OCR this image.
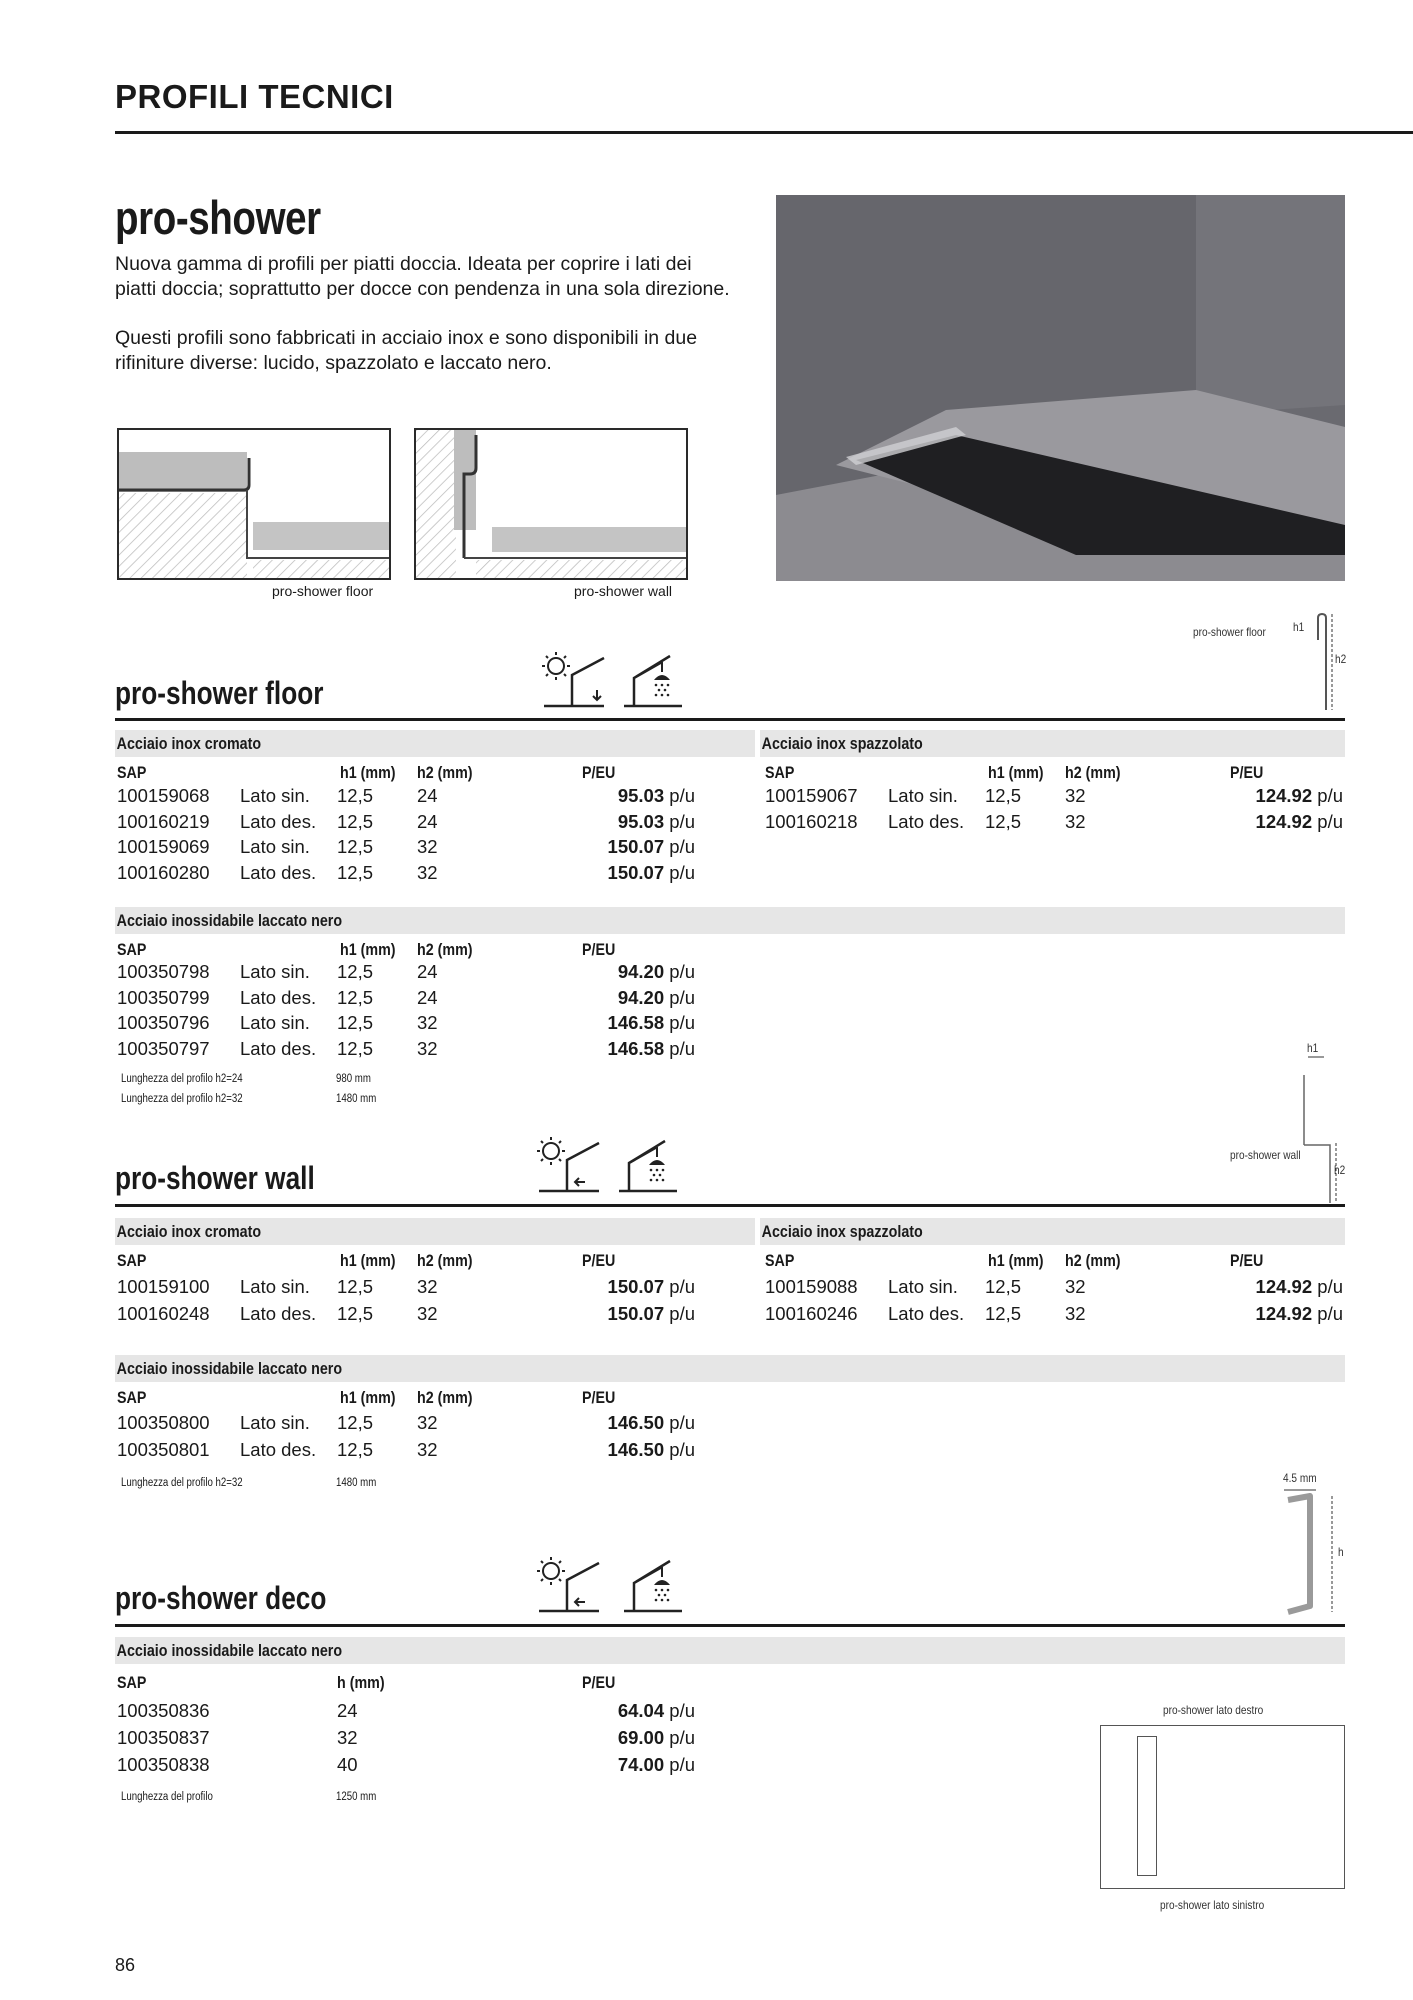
PROFILI TECNICI
pro-shower
Nuova gamma di profili per piatti doccia. Ideata per coprire i lati dei
piatti doccia; soprattutto per docce con pendenza in una sola direzione.
Questi profili sono fabbricati in acciaio inox e sono disponibili in due
rifiniture diverse: lucido, spazzolato e laccato nero.
pro-shower floor	pro-shower wall
pro-shower floor h1
h2
pro-shower floor
Acciaio inox cromato	Acciaio inox spazzolato
SAP	h1 (mm) h2 (mm)	P/EU
100159068 Lato sin. 12,5 24	95.03 p/u
100160219 Lato des. 12,5 24	95.03 p/u
100159069 Lato sin. 12,5 32	150.07 p/u
100160280 Lato des. 12,5 32	150.07 p/u
SAP	h1 (mm) h2 (mm)	P/EU
100159067 Lato sin. 12,5 32	124.92 p/u
100160218 Lato des. 12,5 32	124.92 p/u
Acciaio inossidabile laccato nero
SAP	h1 (mm) h2 (mm)	P/EU
100350798 Lato sin. 12,5 24	94.20 p/u
100350799 Lato des. 12,5 24	94.20 p/u
100350796 Lato sin. 12,5 32	146.58 p/u
100350797 Lato des. 12,5 32	146.58 p/u
Lunghezza del profilo h2=24	980 mm
Lunghezza del profilo h2=32	1480 mm
h1
pro-shower wall
h2
pro-shower wall
Acciaio inox cromato	Acciaio inox spazzolato
SAP	h1 (mm) h2 (mm)	P/EU
100159100 Lato sin. 12,5 32	150.07 p/u
100160248 Lato des. 12,5 32	150.07 p/u
SAP	h1 (mm) h2 (mm)	P/EU
100159088 Lato sin. 12,5 32	124.92 p/u
100160246 Lato des. 12,5 32	124.92 p/u
Acciaio inossidabile laccato nero
SAP	h1 (mm) h2 (mm)	P/EU
100350800 Lato sin. 12,5 32	146.50 p/u
100350801 Lato des. 12,5 32	146.50 p/u
Lunghezza del profilo h2=32	1480 mm	4.5 mm
h
pro-shower deco
Acciaio inossidabile laccato nero
SAP	h (mm)	P/EU
100350836	24	64.04 p/u
100350837	32	69.00 p/u
100350838	40	74.00 p/u
Lunghezza del profilo	1250 mm
pro-shower lato destro
pro-shower lato sinistro
86
